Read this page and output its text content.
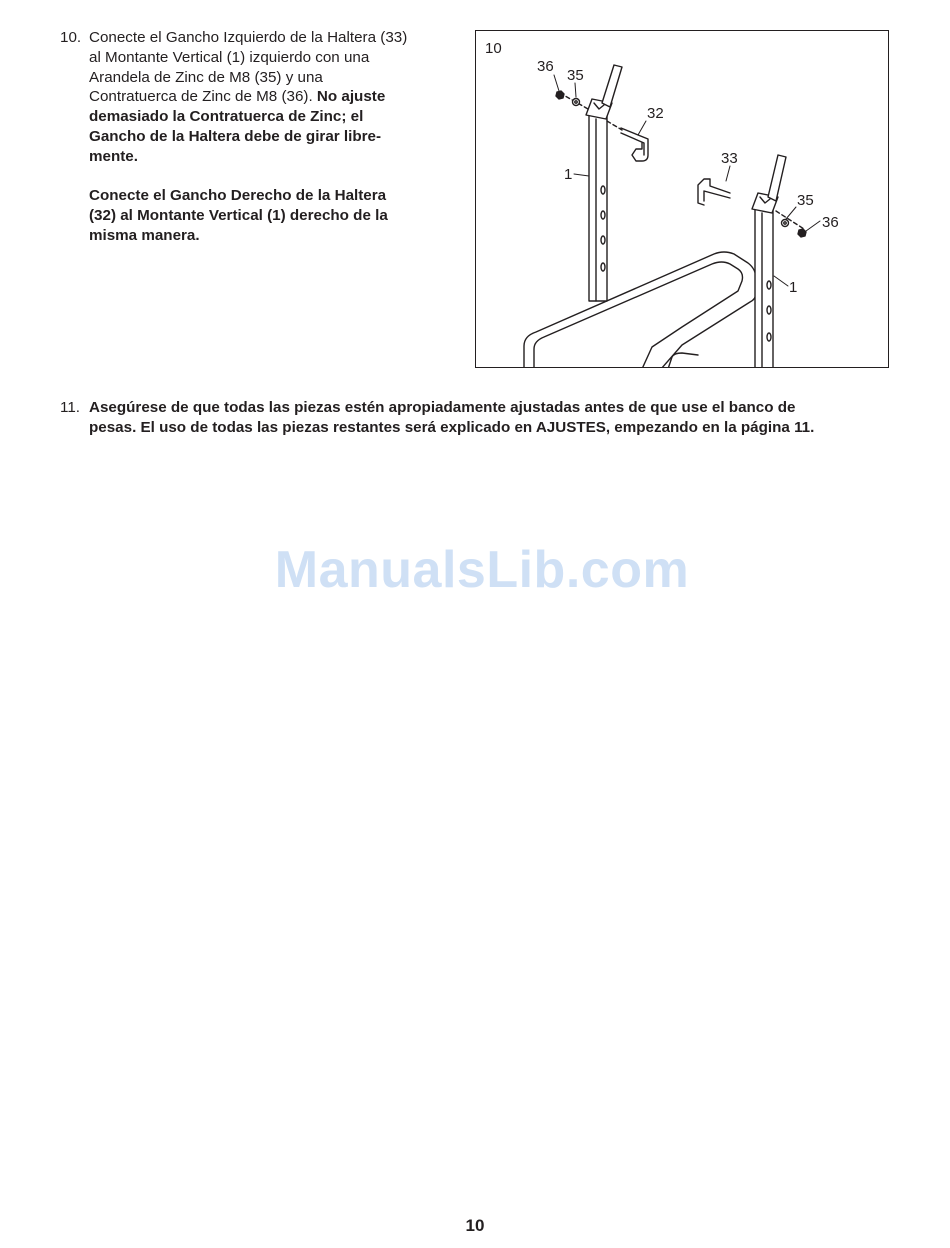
10. Conecte el Gancho Izquierdo de la Haltera (33)
al Montante Vertical (1) izquierdo con una
Arandela de Zinc de M8 (35) y una
Contratuerca de Zinc de M8 (36). No ajuste
demasiado la Contratuerca de Zinc; el
Gancho de la Haltera debe de girar libre-
mente.

Conecte el Gancho Derecho de la Haltera
(32) al Montante Vertical (1) derecho de la
misma manera.

10
36
35
32
1
33
35
36
1
11. Asegúrese de que todas las piezas estén apropiadamente ajustadas antes de que use el banco de
pesas. El uso de todas las piezas restantes será explicado en AJUSTES, empezando en la página 11.
ManualsLib.com
10
